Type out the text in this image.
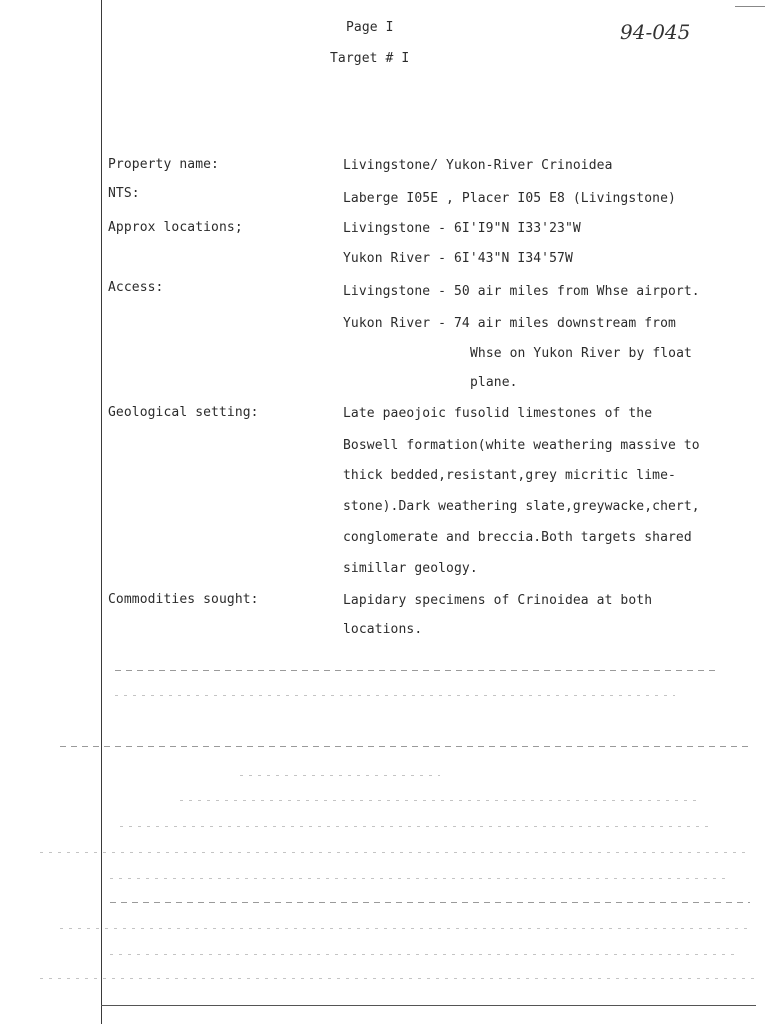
Page I
Target # I
94-045
Property name:	Livingstone/ Yukon-River Crinoidea
NTS:	Laberge I05E , Placer I05 E8 (Livingstone)
Approx locations;	Livingstone - 6I'I9"N I33'23"W
Yukon River - 6I'43"N I34'57W
Access:	Livingstone - 50 air miles from Whse airport.
Yukon River - 74 air miles downstream from
Whse on Yukon River by float
plane.
Geological setting:	Late paeojoic fusolid limestones of the
Boswell formation(white weathering massive to
thick bedded,resistant,grey micritic lime-
stone).Dark weathering slate,greywacke,chert,
conglomerate and breccia.Both targets shared
simillar geology.
Commodities sought:	Lapidary specimens of Crinoidea at both
locations.
